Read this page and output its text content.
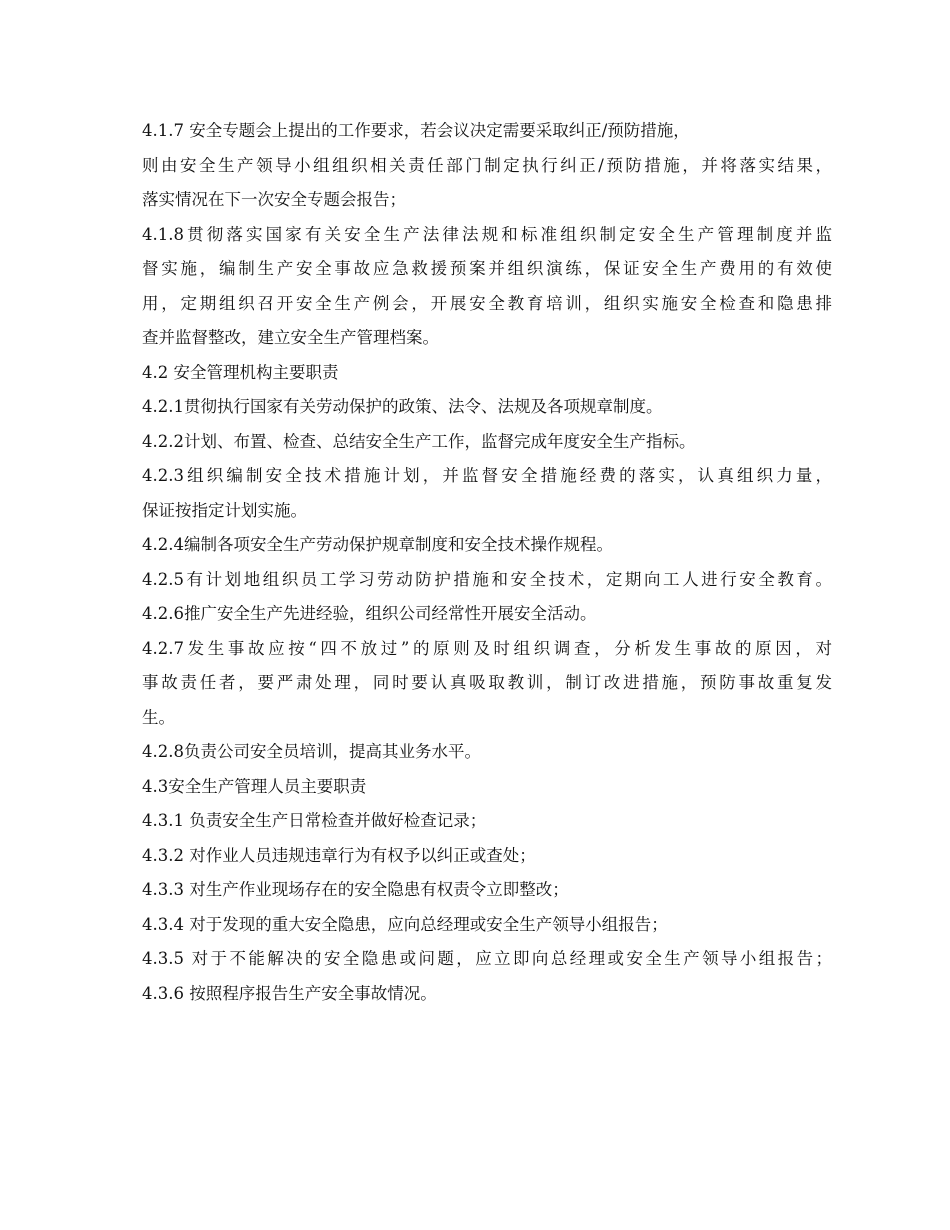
4.1.7 安全专题会上提出的工作要求，若会议决定需要采取纠正/预防措施，
则由安全生产领导小组组织相关责任部门制定执行纠正/预防措施，并将落实结果，
落实情况在下一次安全专题会报告；
4.1.8贯彻落实国家有关安全生产法律法规和标准组织制定安全生产管理制度并监
督实施，编制生产安全事故应急救援预案并组织演练，保证安全生产费用的有效使
用，定期组织召开安全生产例会，开展安全教育培训，组织实施安全检查和隐患排
查并监督整改，建立安全生产管理档案。
4.2 安全管理机构主要职责
4.2.1贯彻执行国家有关劳动保护的政策、法令、法规及各项规章制度。
4.2.2计划、布置、检查、总结安全生产工作，监督完成年度安全生产指标。
4.2.3组织编制安全技术措施计划，并监督安全措施经费的落实，认真组织力量，
保证按指定计划实施。
4.2.4编制各项安全生产劳动保护规章制度和安全技术操作规程。
4.2.5有计划地组织员工学习劳动防护措施和安全技术，定期向工人进行安全教育。
4.2.6推广安全生产先进经验，组织公司经常性开展安全活动。
4.2.7发生事故应按“四不放过”的原则及时组织调查，分析发生事故的原因，对
事故责任者，要严肃处理，同时要认真吸取教训，制订改进措施，预防事故重复发
生。
4.2.8负责公司安全员培训，提高其业务水平。
4.3安全生产管理人员主要职责
4.3.1 负责安全生产日常检查并做好检查记录；
4.3.2 对作业人员违规违章行为有权予以纠正或查处；
4.3.3 对生产作业现场存在的安全隐患有权责令立即整改；
4.3.4 对于发现的重大安全隐患，应向总经理或安全生产领导小组报告；
4.3.5 对于不能解决的安全隐患或问题，应立即向总经理或安全生产领导小组报告；
4.3.6 按照程序报告生产安全事故情况。
